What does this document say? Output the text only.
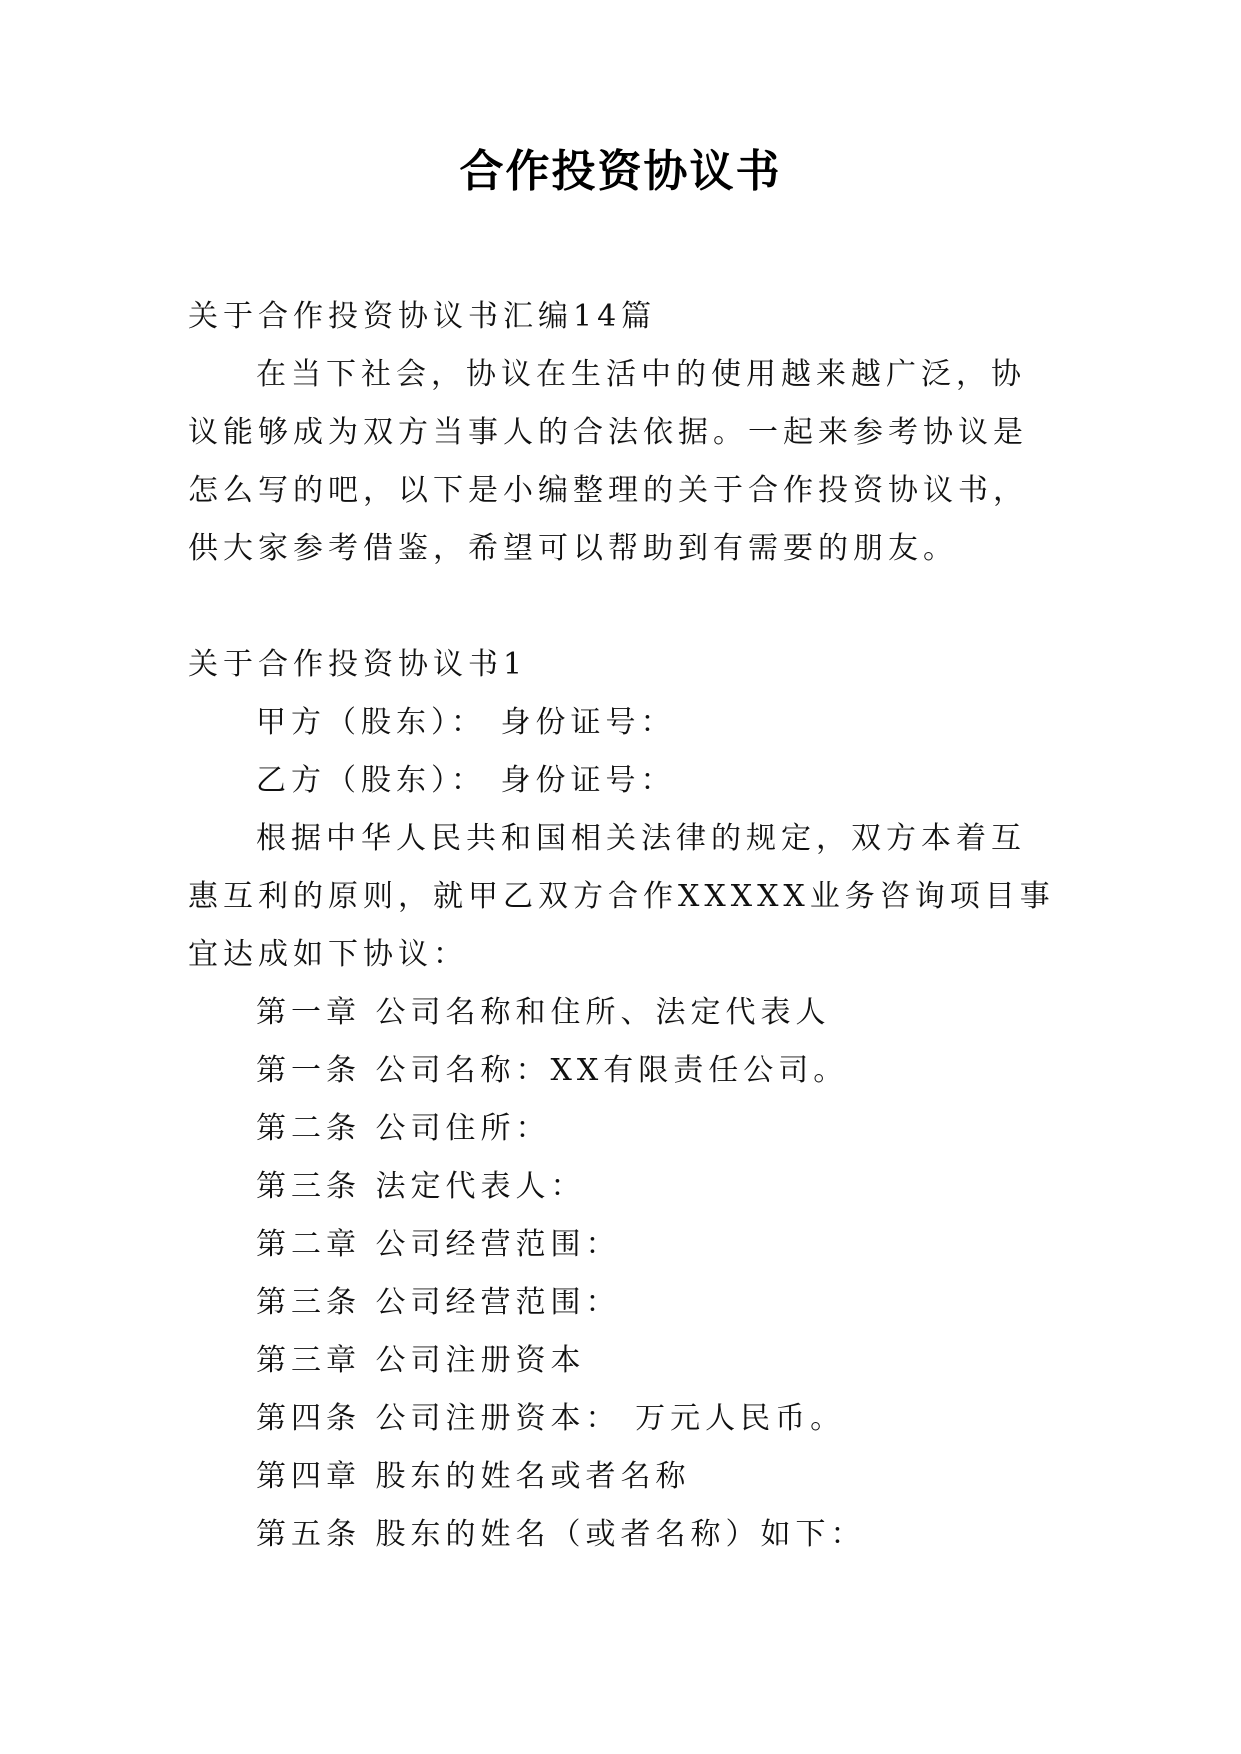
合作投资协议书

关于合作投资协议书汇编14篇

在当下社会，协议在生活中的使用越来越广泛，协议能够成为双方当事人的合法依据。一起来参考协议是怎么写的吧，以下是小编整理的关于合作投资协议书，供大家参考借鉴，希望可以帮助到有需要的朋友。

关于合作投资协议书1

甲方（股东）： 身份证号：

乙方（股东）： 身份证号：

根据中华人民共和国相关法律的规定，双方本着互惠互利的原则，就甲乙双方合作XXXXX业务咨询项目事宜达成如下协议：

第一章 公司名称和住所、法定代表人

第一条 公司名称：XX有限责任公司。

第二条 公司住所：

第三条 法定代表人：

第二章 公司经营范围：

第三条 公司经营范围：

第三章 公司注册资本

第四条 公司注册资本： 万元人民币。

第四章 股东的姓名或者名称

第五条 股东的姓名（或者名称）如下：
